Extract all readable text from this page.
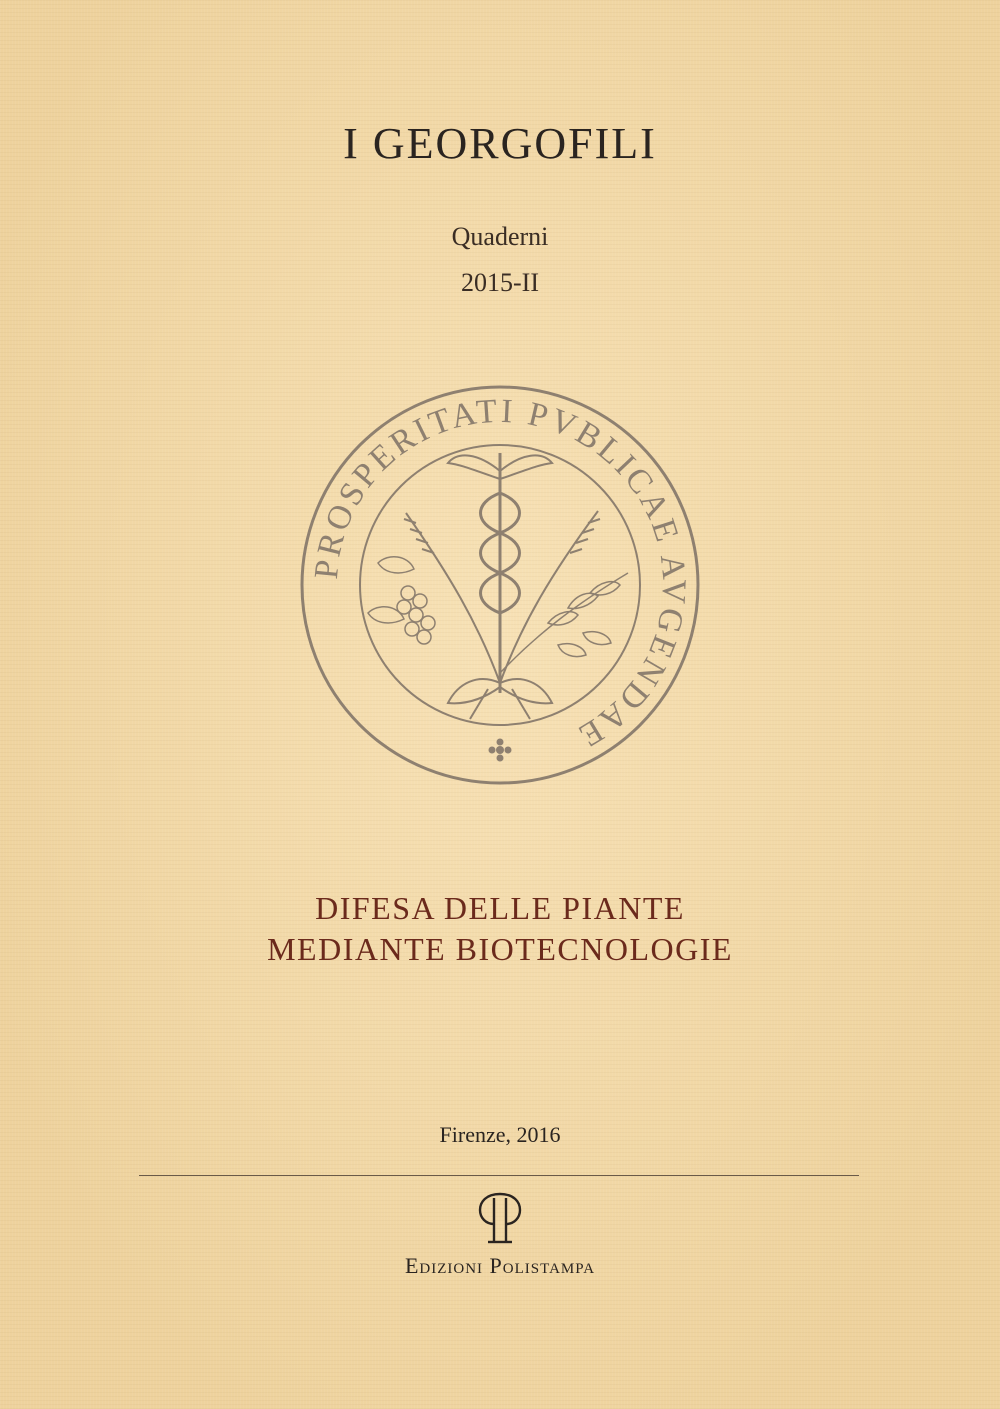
I GEORGOFILI
Quaderni
2015-II
PROSPERITATI PVBLICAE AVGENDAE
DIFESA DELLE PIANTE
MEDIANTE BIOTECNOLOGIE
Firenze, 2016
Edizioni Polistampa
